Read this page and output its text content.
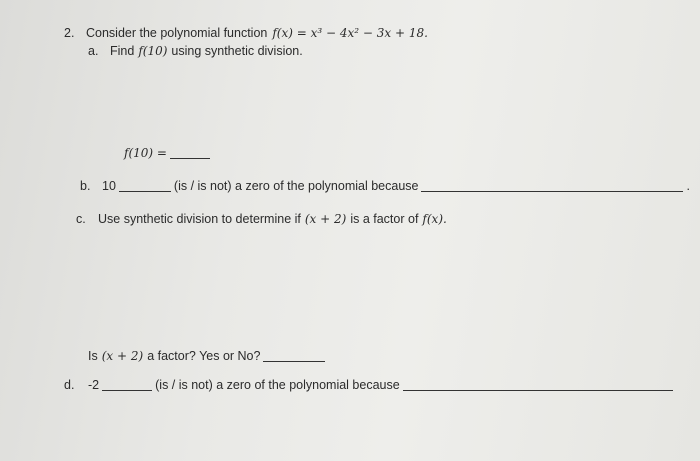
2. Consider the polynomial function f(x) = x³ − 4x² − 3x + 18.
a. Find f(10) using synthetic division.
f(10) =
b. 10	(is / is not) a zero of the polynomial because	.
c. Use synthetic division to determine if (x + 2) is a factor of f(x).
Is (x + 2) a factor? Yes or No?
d.	-2	(is / is not) a zero of the polynomial because
